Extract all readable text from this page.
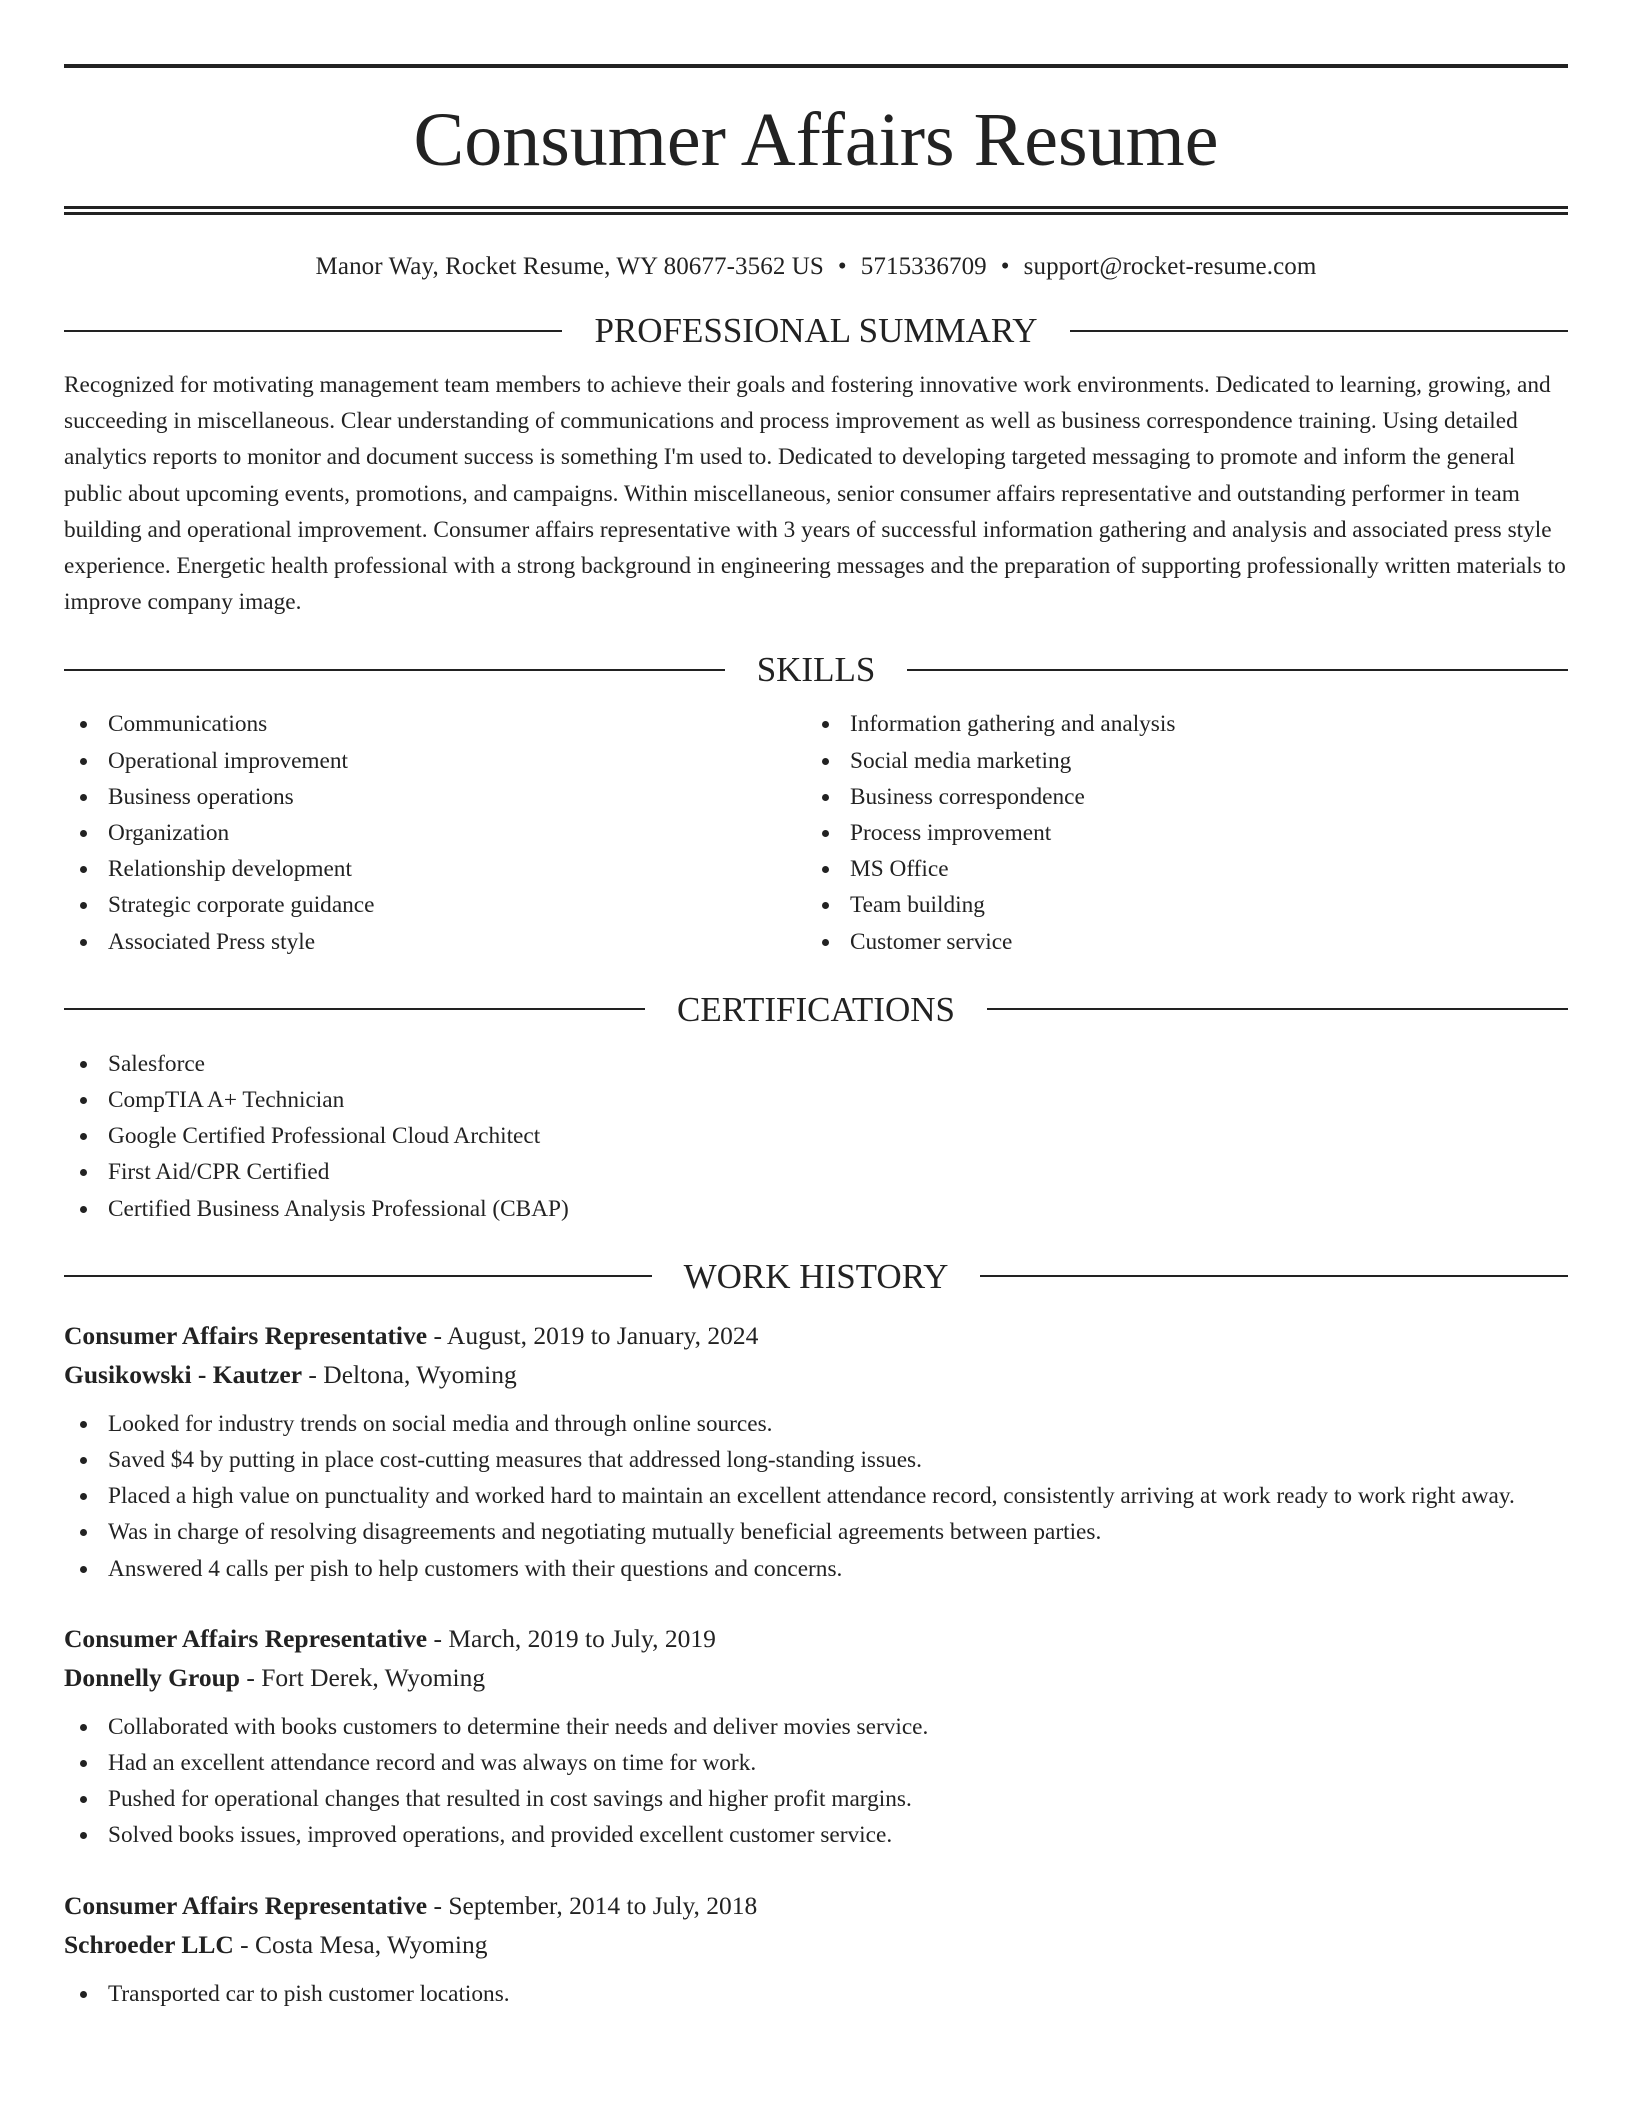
Consumer Affairs Resume
Manor Way, Rocket Resume, WY 80677-3562 US • 5715336709 • support@rocket-resume.com
PROFESSIONAL SUMMARY

Recognized for motivating management team members to achieve their goals and fostering innovative work environments. Dedicated to learning, growing, and succeeding in miscellaneous. Clear understanding of communications and process improvement as well as business correspondence training. Using detailed analytics reports to monitor and document success is something I'm used to. Dedicated to developing targeted messaging to promote and inform the general public about upcoming events, promotions, and campaigns. Within miscellaneous, senior consumer affairs representative and outstanding performer in team building and operational improvement. Consumer affairs representative with 3 years of successful information gathering and analysis and associated press style experience. Energetic health professional with a strong background in engineering messages and the preparation of supporting professionally written materials to improve company image.

SKILLS
Communications
Operational improvement
Business operations
Organization
Relationship development
Strategic corporate guidance
Associated Press style
Information gathering and analysis
Social media marketing
Business correspondence
Process improvement
MS Office
Team building
Customer service
CERTIFICATIONS
Salesforce
CompTIA A+ Technician
Google Certified Professional Cloud Architect
First Aid/CPR Certified
Certified Business Analysis Professional (CBAP)
WORK HISTORY
Consumer Affairs Representative - August, 2019 to January, 2024
Gusikowski - Kautzer - Deltona, Wyoming
Looked for industry trends on social media and through online sources.
Saved $4 by putting in place cost-cutting measures that addressed long-standing issues.
Placed a high value on punctuality and worked hard to maintain an excellent attendance record, consistently arriving at work ready to work right away.
Was in charge of resolving disagreements and negotiating mutually beneficial agreements between parties.
Answered 4 calls per pish to help customers with their questions and concerns.
Consumer Affairs Representative - March, 2019 to July, 2019
Donnelly Group - Fort Derek, Wyoming
Collaborated with books customers to determine their needs and deliver movies service.
Had an excellent attendance record and was always on time for work.
Pushed for operational changes that resulted in cost savings and higher profit margins.
Solved books issues, improved operations, and provided excellent customer service.
Consumer Affairs Representative - September, 2014 to July, 2018
Schroeder LLC - Costa Mesa, Wyoming
Transported car to pish customer locations.
